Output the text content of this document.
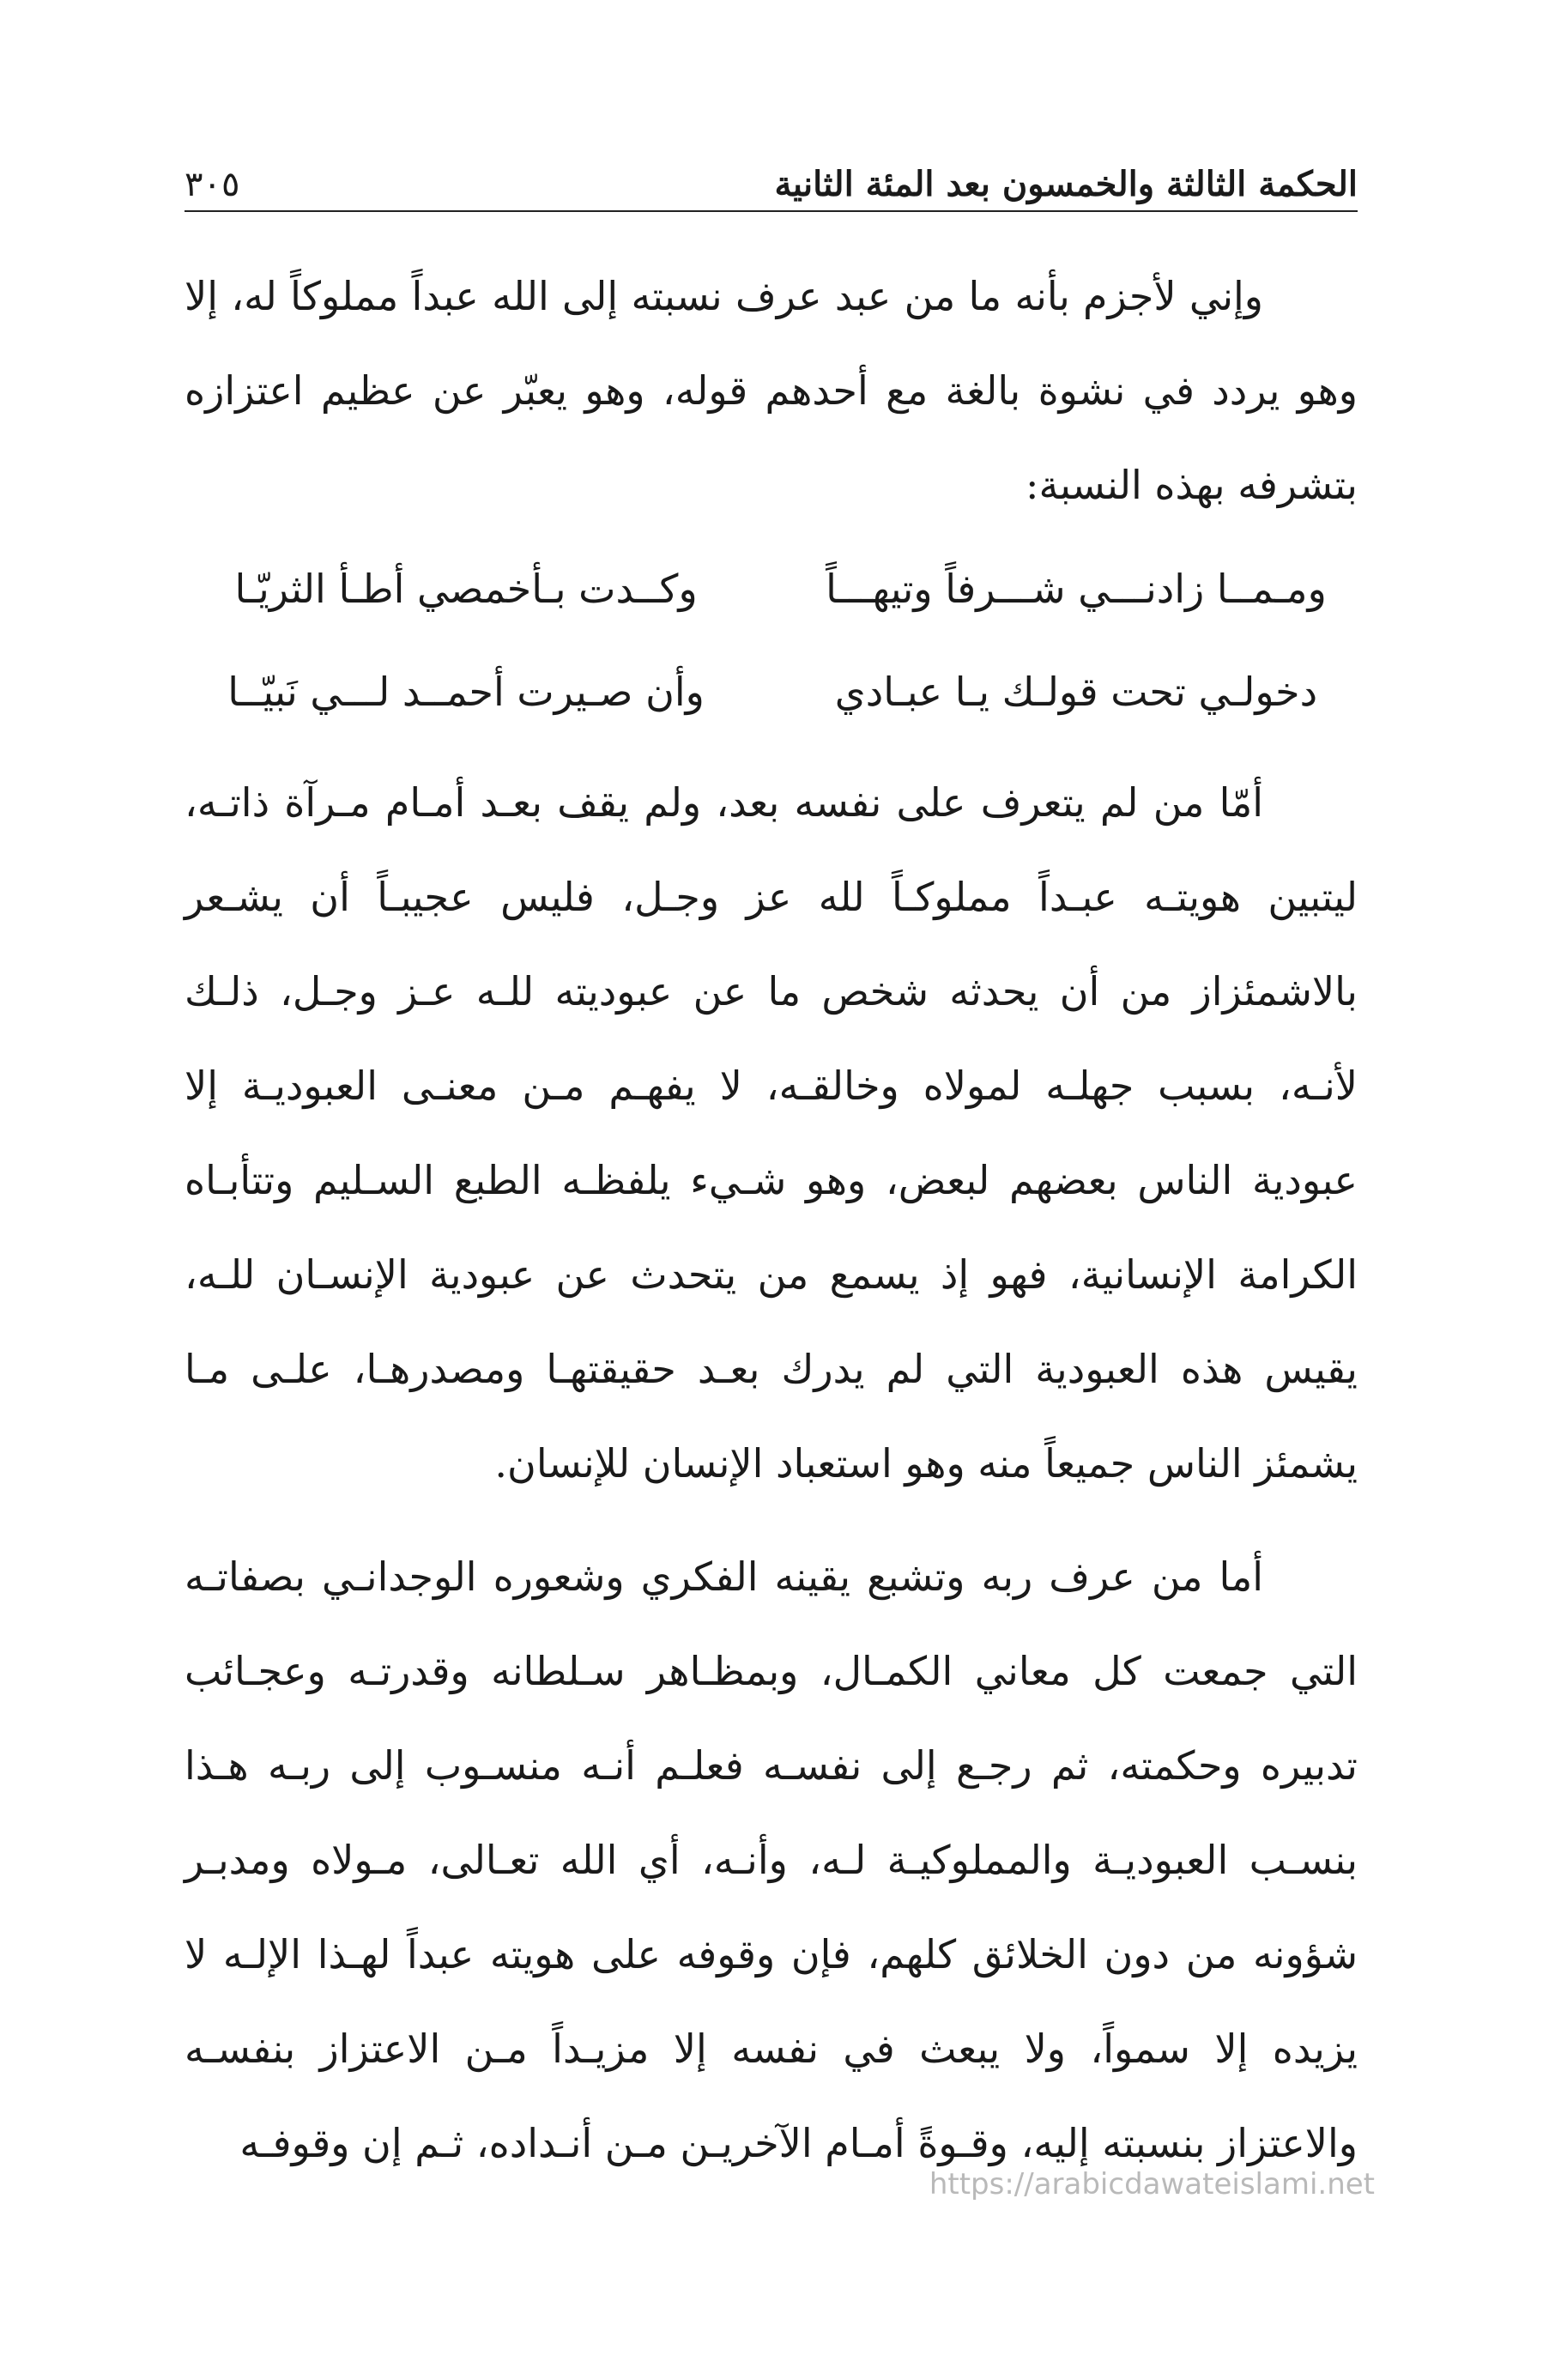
الحكمة الثالثة والخمسون بعد المئة الثانية
٣٠٥

وإني لأجزم بأنه ما من عبد عرف نسبته إلى الله عبداً مملوكاً له، إلا وهو يردد في نشوة بالغة مع أحدهم قوله، وهو يعبّر عن عظيم اعتزازه بتشرفه بهذه النسبة:

ومـمــا زادنـــي شـــرفاً وتيهـــاً
وكــدت بـأخمصي أطـأ الثريّـا
دخولـي تحت قولـك يـا عبـادي
وأن صـيرت أحمــد لـــي نَبيّــا

أمّا من لم يتعرف على نفسه بعد، ولم يقف بعـد أمـام مـرآة ذاتـه، ليتبين هويتـه عبـداً مملوكـاً لله عز وجـل، فليس عجيبـاً أن يشـعر بالاشمئزاز من أن يحدثه شخص ما عن عبوديته للـه عـز وجـل، ذلـك لأنـه، بسبب جهلـه لمولاه وخالقـه، لا يفهـم مـن معنـى العبوديـة إلا عبودية الناس بعضهم لبعض، وهو شـيء يلفظـه الطبع السـليم وتتأبـاه الكرامة الإنسانية، فهو إذ يسمع من يتحدث عن عبودية الإنسـان للـه، يقيس هذه العبودية التي لم يدرك بعـد حقيقتهـا ومصدرهـا، علـى مـا يشمئز الناس جميعاً منه وهو استعباد الإنسان للإنسان.

أما من عرف ربه وتشبع يقينه الفكري وشعوره الوجدانـي بصفاتـه التي جمعت كل معاني الكمـال، وبمظـاهر سـلطانه وقدرتـه وعجـائب تدبيره وحكمته، ثم رجـع إلى نفسـه فعلـم أنـه منسـوب إلى ربـه هـذا بنسـب العبوديـة والمملوكيـة لـه، وأنـه، أي الله تعـالى، مـولاه ومدبـر شؤونه من دون الخلائق كلهم، فإن وقوفه على هويته عبداً لهـذا الإلـه لا يزيده إلا سمواً، ولا يبعث في نفسه إلا مزيـداً مـن الاعتزاز بنفسـه والاعتزاز بنسبته إليه، وقـوةً أمـام الآخريـن مـن أنـداده، ثـم إن وقوفـه

https://arabicdawateislami.net
